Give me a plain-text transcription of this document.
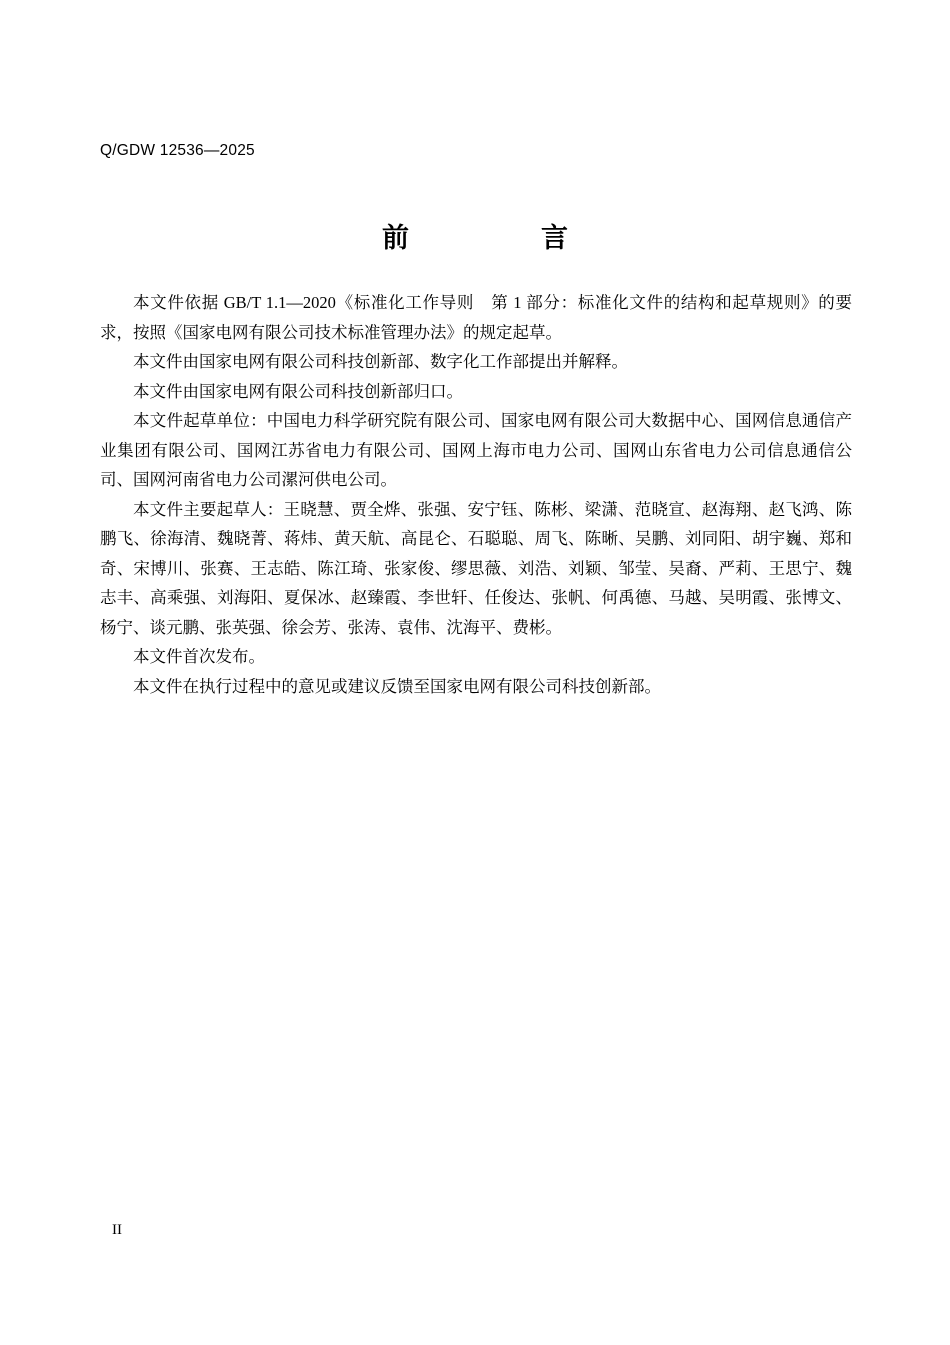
Q/GDW 12536—2025
前　　言

本文件依据 GB/T 1.1—2020《标准化工作导则　第 1 部分：标准化文件的结构和起草规则》的要求，按照《国家电网有限公司技术标准管理办法》的规定起草。

本文件由国家电网有限公司科技创新部、数字化工作部提出并解释。

本文件由国家电网有限公司科技创新部归口。

本文件起草单位：中国电力科学研究院有限公司、国家电网有限公司大数据中心、国网信息通信产业集团有限公司、国网江苏省电力有限公司、国网上海市电力公司、国网山东省电力公司信息通信公司、国网河南省电力公司漯河供电公司。

本文件主要起草人：王晓慧、贾全烨、张强、安宁钰、陈彬、梁潇、范晓宣、赵海翔、赵飞鸿、陈鹏飞、徐海清、魏晓菁、蒋炜、黄天航、高昆仑、石聪聪、周飞、陈晰、吴鹏、刘同阳、胡宇巍、郑和奇、宋博川、张赛、王志皓、陈江琦、张家俊、缪思薇、刘浩、刘颖、邹莹、吴裔、严莉、王思宁、魏志丰、高乘强、刘海阳、夏保冰、赵臻霞、李世轩、任俊达、张帆、何禹德、马越、吴明霞、张博文、杨宁、谈元鹏、张英强、徐会芳、张涛、袁伟、沈海平、费彬。

本文件首次发布。

本文件在执行过程中的意见或建议反馈至国家电网有限公司科技创新部。

II
